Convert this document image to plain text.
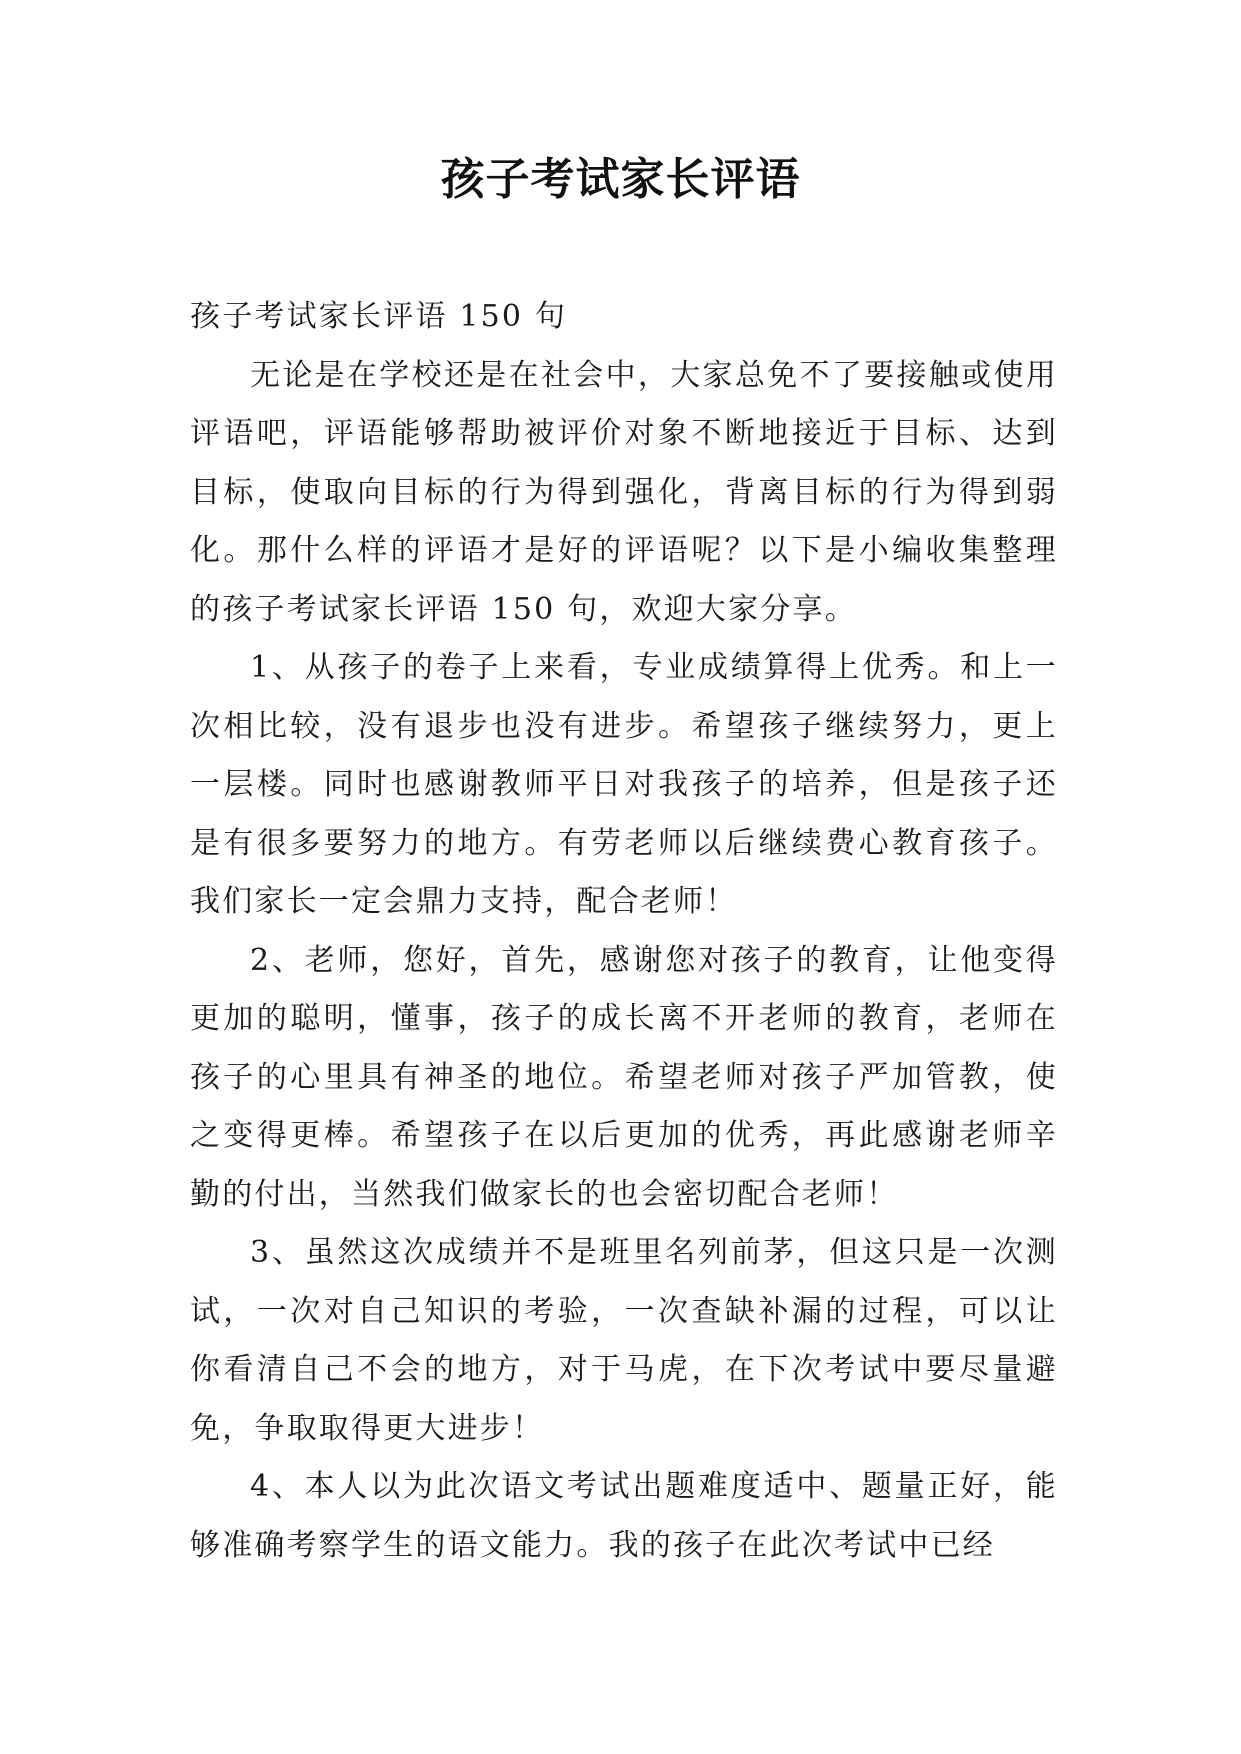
孩子考试家长评语

孩子考试家长评语 150 句

无论是在学校还是在社会中，大家总免不了要接触或使用评语吧，评语能够帮助被评价对象不断地接近于目标、达到目标，使取向目标的行为得到强化，背离目标的行为得到弱化。那什么样的评语才是好的评语呢？以下是小编收集整理的孩子考试家长评语 150 句，欢迎大家分享。

1、从孩子的卷子上来看，专业成绩算得上优秀。和上一次相比较，没有退步也没有进步。希望孩子继续努力，更上一层楼。同时也感谢教师平日对我孩子的培养，但是孩子还是有很多要努力的地方。有劳老师以后继续费心教育孩子。我们家长一定会鼎力支持，配合老师！

2、老师，您好，首先，感谢您对孩子的教育，让他变得更加的聪明，懂事，孩子的成长离不开老师的教育，老师在孩子的心里具有神圣的地位。希望老师对孩子严加管教，使之变得更棒。希望孩子在以后更加的优秀，再此感谢老师辛勤的付出，当然我们做家长的也会密切配合老师！

3、虽然这次成绩并不是班里名列前茅，但这只是一次测试，一次对自己知识的考验，一次查缺补漏的过程，可以让你看清自己不会的地方，对于马虎，在下次考试中要尽量避免，争取取得更大进步！

4、本人以为此次语文考试出题难度适中、题量正好，能够准确考察学生的语文能力。我的孩子在此次考试中已经
